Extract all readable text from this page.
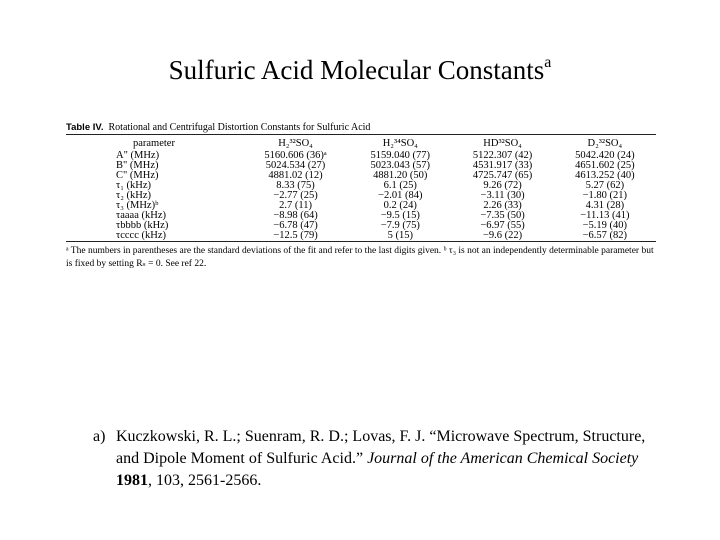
Sulfuric Acid Molecular Constants$^a$
Table IV. Rotational and Centrifugal Distortion Constants for Sulfuric Acid
parameter	H₂³²SO₄	H₂³⁴SO₄	HD³²SO₄	D₂³²SO₄
A" (MHz)	5160.606 (36)ᵃ	5159.040 (77)	5122.307 (42)	5042.420 (24)
B" (MHz)	5024.534 (27)	5023.043 (57)	4531.917 (33)	4651.602 (25)
C" (MHz)	4881.02 (12)	4881.20 (50)	4725.747 (65)	4613.252 (40)
τ₁ (kHz)	8.33 (75)	6.1 (25)	9.26 (72)	5.27 (62)
τ₂ (kHz)	−2.77 (25)	−2.01 (84)	−3.11 (30)	−1.80 (21)
τ₃ (MHz)ᵇ	2.7 (11)	0.2 (24)	2.26 (33)	4.31 (28)
τaaaa (kHz)	−8.98 (64)	−9.5 (15)	−7.35 (50)	−11.13 (41)
τbbbb (kHz)	−6.78 (47)	−7.9 (75)	−6.97 (55)	−5.19 (40)
τcccc (kHz)	−12.5 (79)	5 (15)	−9.6 (22)	−6.57 (82)
ᵃ The numbers in parentheses are the standard deviations of the fit and refer to the last digits given. ᵇ τ₃ is not an independently determinable parameter but is fixed by setting Rₛ = 0. See ref 22.
a) Kuczkowski, R. L.; Suenram, R. D.; Lovas, F. J. “Microwave Spectrum, Structure, and Dipole Moment of Sulfuric Acid.” Journal of the American Chemical Society 1981, 103, 2561-2566.
